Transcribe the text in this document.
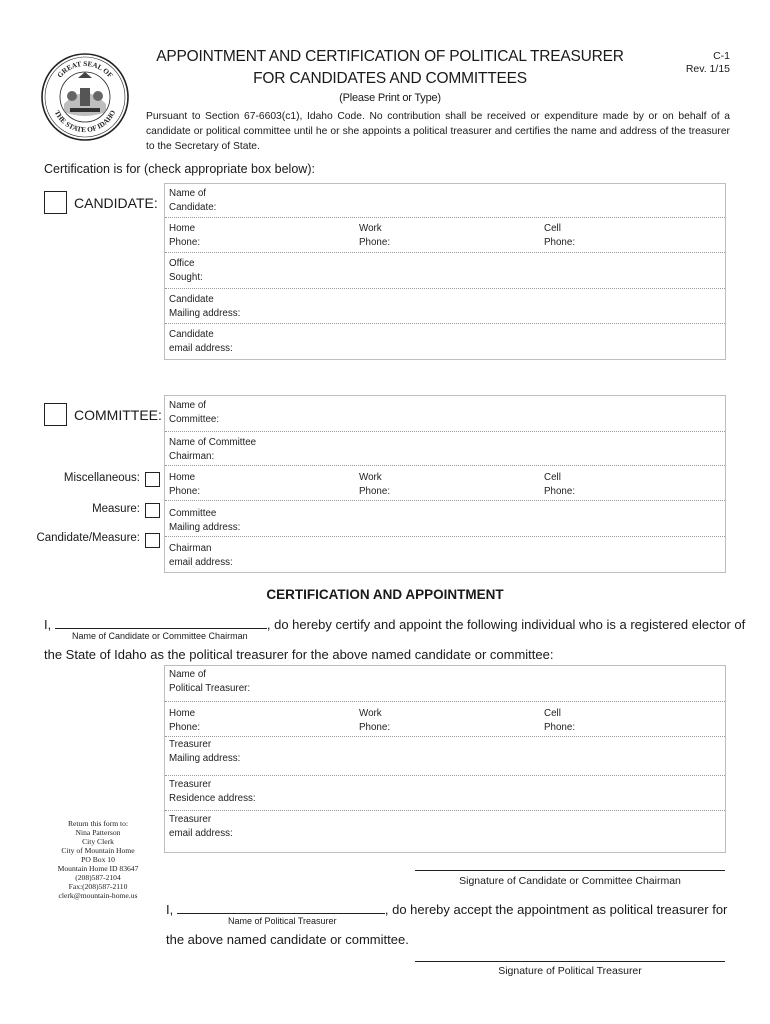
GREAT SEAL OF
THE STATE OF IDAHO
APPOINTMENT AND CERTIFICATION OF POLITICAL TREASURER
FOR CANDIDATES AND COMMITTEES
(Please Print or Type)
C-1
Rev. 1/15
Pursuant to Section 67-6603(c1), Idaho Code. No contribution shall be received or expenditure made by or on behalf of a candidate or political committee until he or she appoints a political treasurer and certifies the name and address of the treasurer to the Secretary of State.
Certification is for (check appropriate box below):
CANDIDATE:
Name of
Candidate:
Home
Phone:
Work
Phone:
Cell
Phone:
Office
Sought:
Candidate
Mailing address:
Candidate
email address:
COMMITTEE:
Miscellaneous:
Measure:
Candidate/Measure:
Name of
Committee:
Name of Committee
Chairman:
Home
Phone:
Work
Phone:
Cell
Phone:
Committee
Mailing address:
Chairman
email address:
CERTIFICATION AND APPOINTMENT
I,	, do hereby certify and appoint the following individual who is a registered elector of
Name of Candidate or Committee Chairman
the State of Idaho as the political treasurer for the above named candidate or committee:
Name of
Political Treasurer:
Home
Phone:
Work
Phone:
Cell
Phone:
Treasurer
Mailing address:
Treasurer
Residence address:
Treasurer
email address:
Return this form to:
Nina Patterson
City Clerk
City of Mountain Home
PO Box 10
Mountain Home ID 83647
(208)587-2104
Fax:(208)587-2110
clerk@mountain-home.us
Signature of Candidate or Committee Chairman
I,	, do hereby accept the appointment as political treasurer for
Name of Political Treasurer
the above named candidate or committee.
Signature of Political Treasurer
